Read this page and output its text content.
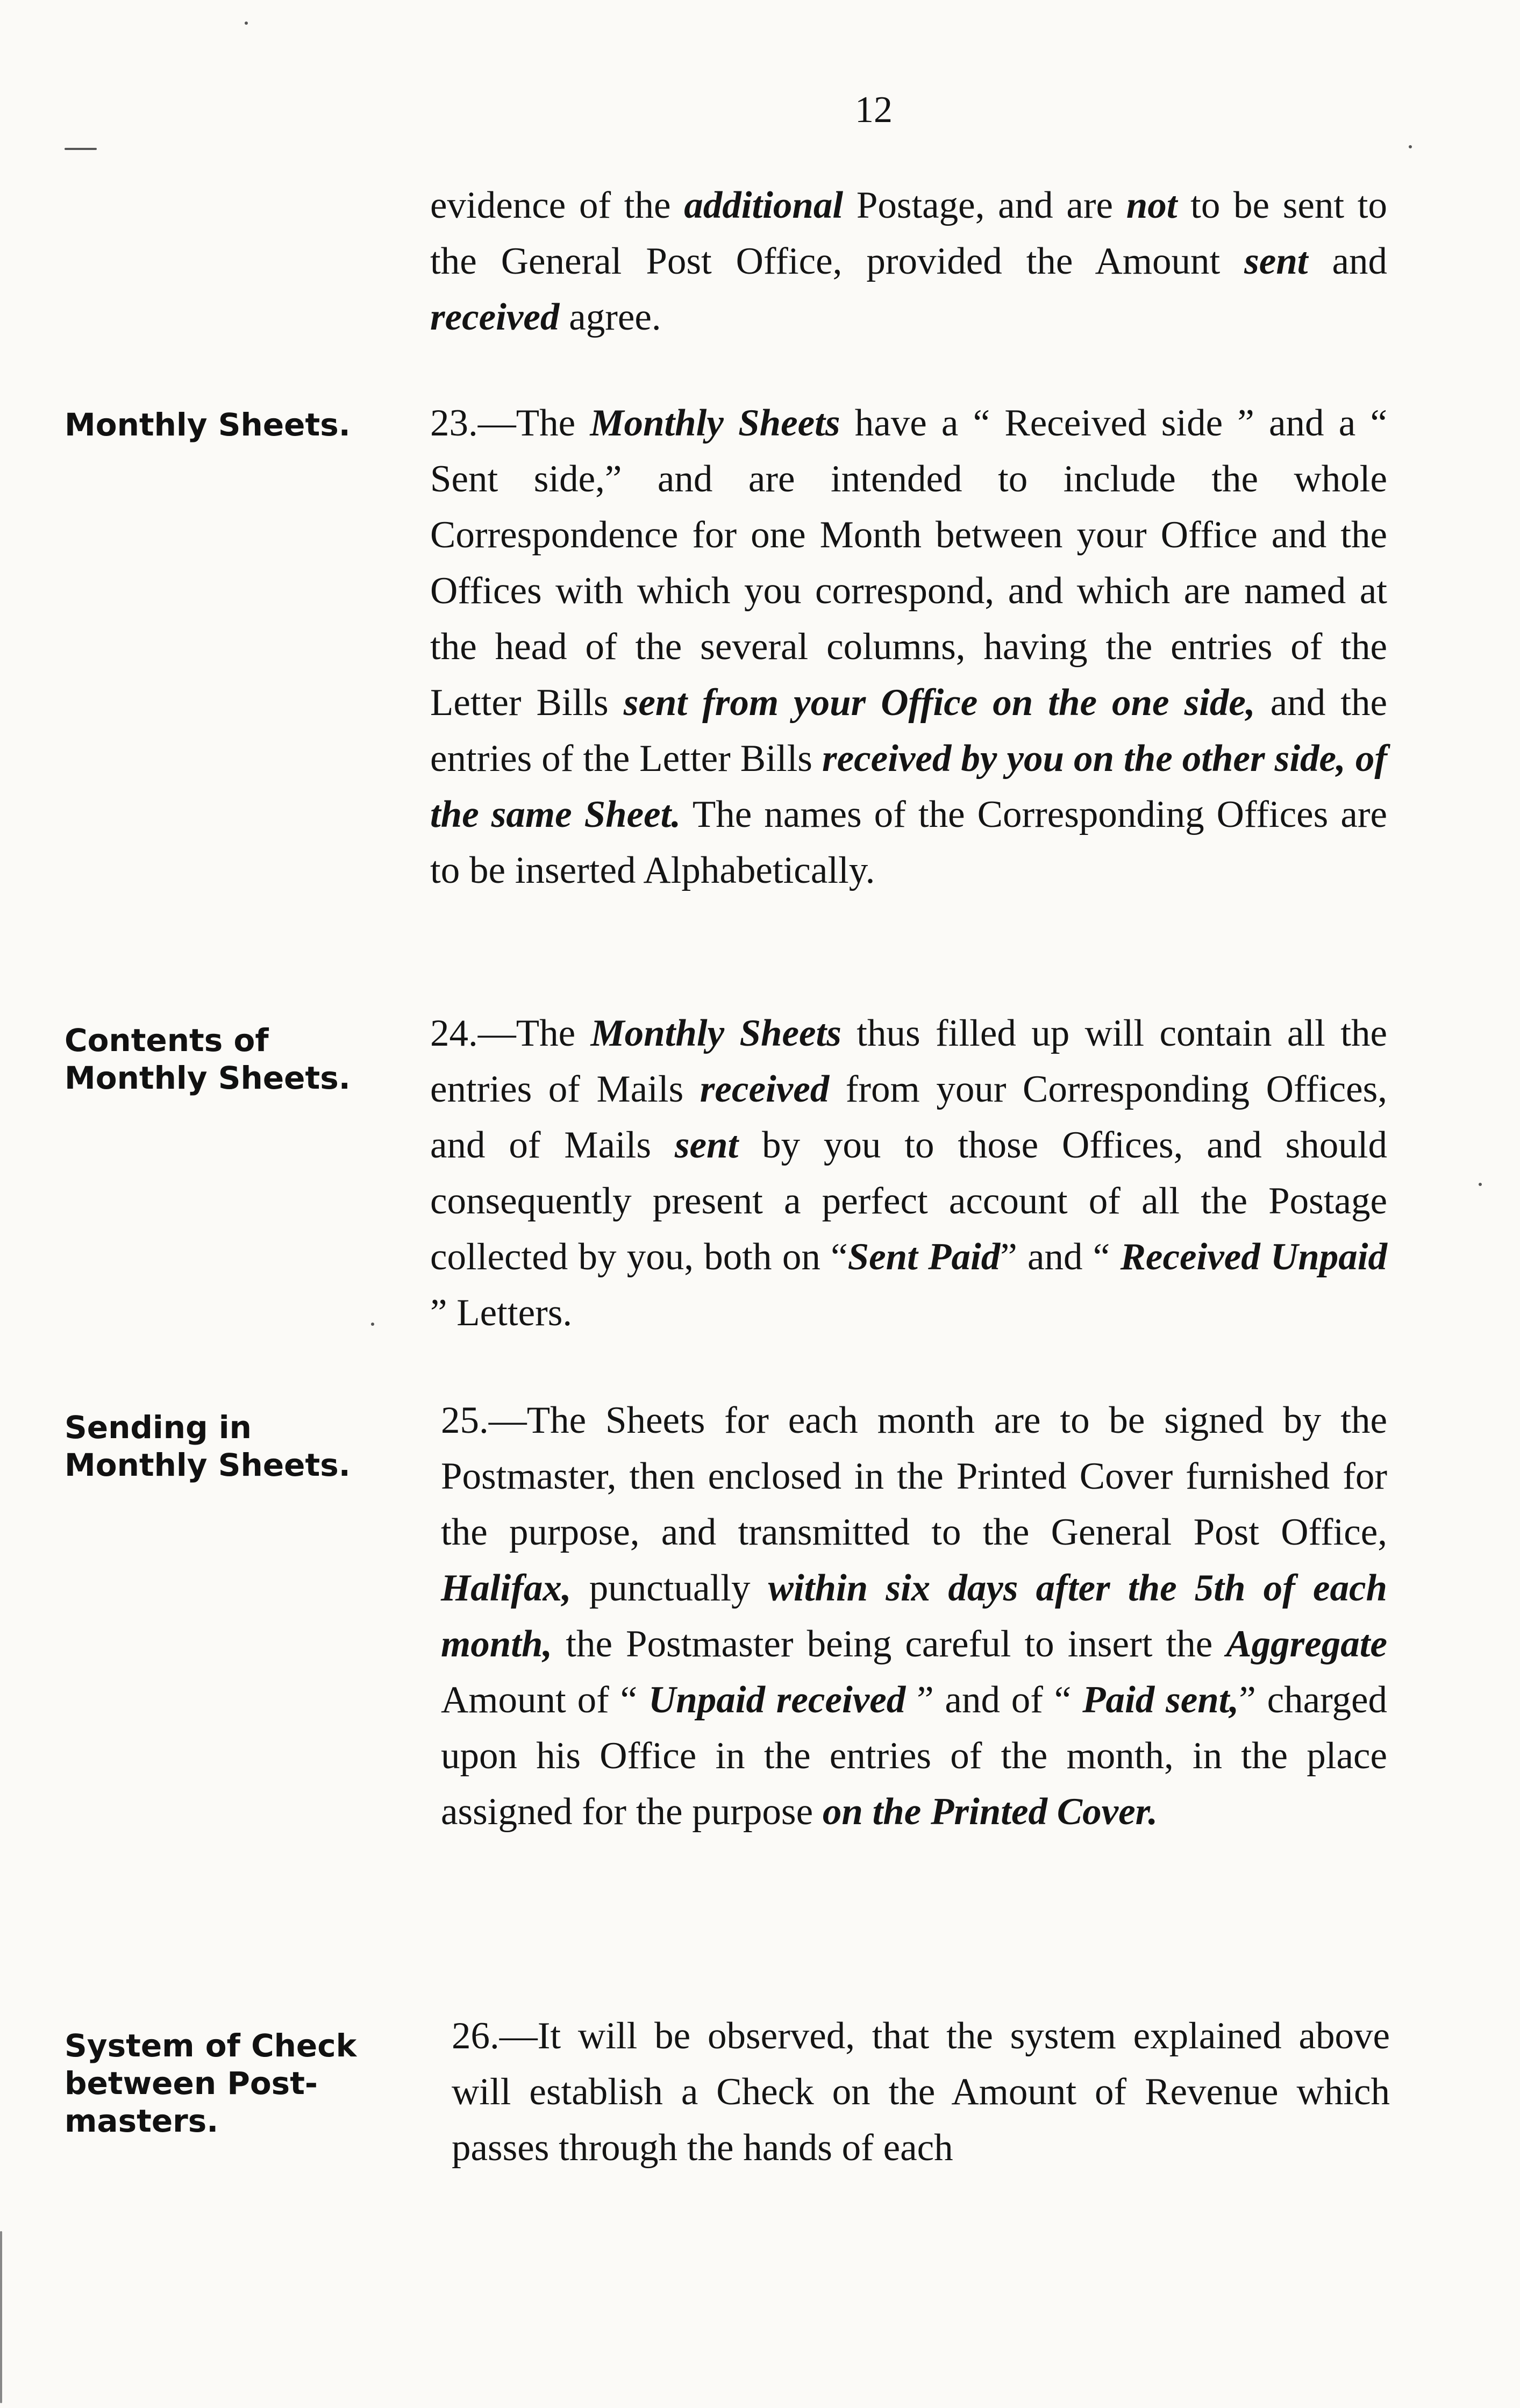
12

evidence of the additional Postage, and are not to be sent to the General Post Office, provided the Amount sent and received agree.

Monthly Sheets.	23.—The Monthly Sheets have a “ Received side ” and a “ Sent side,” and are intended to include the whole Correspondence for one Month between your Office and the Offices with which you correspond, and which are named at the head of the several columns, having the entries of the Letter Bills sent from your Office on the one side, and the entries of the Letter Bills received by you on the other side, of the same Sheet. The names of the Corresponding Offices are to be inserted Alphabetically.

Contents of
Monthly Sheets.

24.—The Monthly Sheets thus filled up will contain all the entries of Mails received from your Corresponding Offices, and of Mails sent by you to those Offices, and should consequently present a perfect account of all the Postage collected by you, both on “Sent Paid” and “ Received Unpaid ” Letters.

Sending in
Monthly Sheets.

25.—The Sheets for each month are to be signed by the Postmaster, then enclosed in the Printed Cover furnished for the purpose, and transmitted to the General Post Office, Halifax, punctually within six days after the 5th of each month, the Postmaster being careful to insert the Aggregate Amount of “ Unpaid received ” and of “ Paid sent,” charged upon his Office in the entries of the month, in the place assigned for the purpose on the Printed Cover.

System of Check
between Post-
masters.

26.—It will be observed, that the system explained above will establish a Check on the Amount of Revenue which passes through the hands of each
